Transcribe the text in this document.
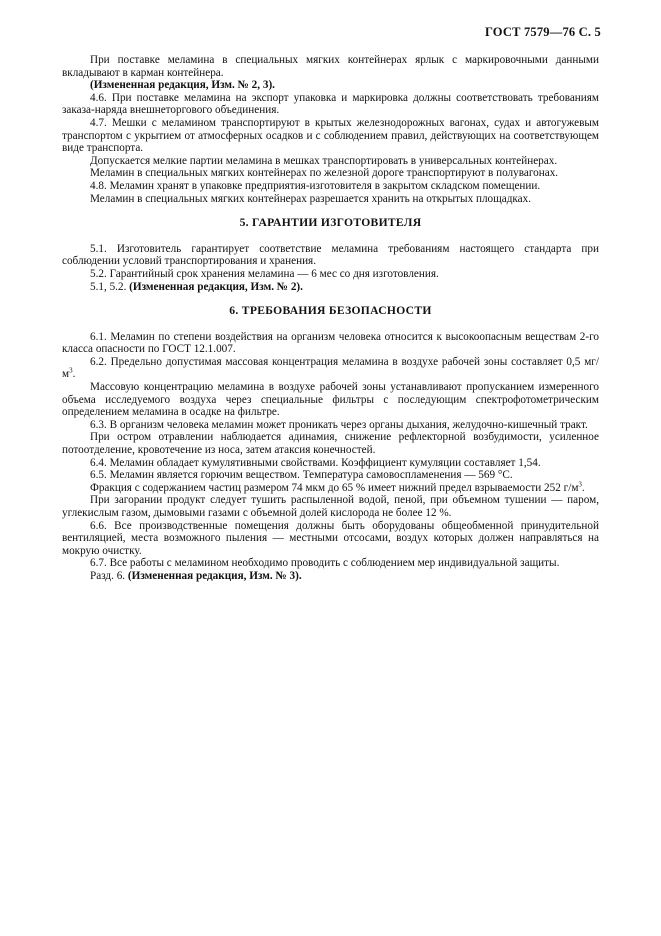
ГОСТ 7579—76 С. 5

При поставке меламина в специальных мягких контейнерах ярлык с маркировочными данными вкладывают в карман контейнера.

(Измененная редакция, Изм. № 2, 3).

4.6. При поставке меламина на экспорт упаковка и маркировка должны соответствовать требованиям заказа-наряда внешнеторгового объединения.

4.7. Мешки с меламином транспортируют в крытых железнодорожных вагонах, судах и автогужевым транспортом с укрытием от атмосферных осадков и с соблюдением правил, действующих на соответствующем виде транспорта.

Допускается мелкие партии меламина в мешках транспортировать в универсальных контейнерах.

Меламин в специальных мягких контейнерах по железной дороге транспортируют в полувагонах.

4.8. Меламин хранят в упаковке предприятия-изготовителя в закрытом складском помещении.

Меламин в специальных мягких контейнерах разрешается хранить на открытых площадках.

5. ГАРАНТИИ ИЗГОТОВИТЕЛЯ

5.1. Изготовитель гарантирует соответствие меламина требованиям настоящего стандарта при соблюдении условий транспортирования и хранения.

5.2. Гарантийный срок хранения меламина — 6 мес со дня изготовления.

5.1, 5.2. (Измененная редакция, Изм. № 2).

6. ТРЕБОВАНИЯ БЕЗОПАСНОСТИ

6.1. Меламин по степени воздействия на организм человека относится к высокоопасным веществам 2-го класса опасности по ГОСТ 12.1.007.

6.2. Предельно допустимая массовая концентрация меламина в воздухе рабочей зоны составляет 0,5 $мг/м^3$.

Массовую концентрацию меламина в воздухе рабочей зоны устанавливают пропусканием измеренного объема исследуемого воздуха через специальные фильтры с последующим спектрофотометрическим определением меламина в осадке на фильтре.

6.3. В организм человека меламин может проникать через органы дыхания, желудочно-кишечный тракт.

При остром отравлении наблюдается адинамия, снижение рефлекторной возбудимости, усиленное потоотделение, кровотечение из носа, затем атаксия конечностей.

6.4. Меламин обладает кумулятивными свойствами. Коэффициент кумуляции составляет 1,54.

6.5. Меламин является горючим веществом. Температура самовоспламенения — 569 °С.

Фракция с содержанием частиц размером 74 мкм до 65 % имеет нижний предел взрываемости 252 $г/м^3$.

При загорании продукт следует тушить распыленной водой, пеной, при объемном тушении — паром, углекислым газом, дымовыми газами с объемной долей кислорода не более 12 %.

6.6. Все производственные помещения должны быть оборудованы общеобменной принудительной вентиляцией, места возможного пыления — местными отсосами, воздух которых должен направляться на мокрую очистку.

6.7. Все работы с меламином необходимо проводить с соблюдением мер индивидуальной защиты.

Разд. 6. (Измененная редакция, Изм. № 3).
